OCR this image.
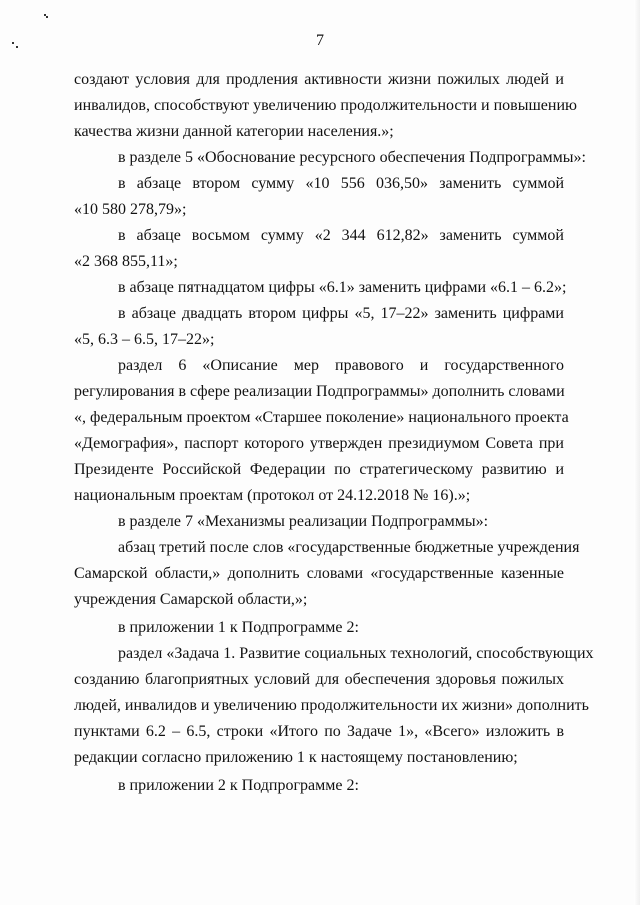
7
создают условия для продления активности жизни пожилых людей и
инвалидов, способствуют увеличению продолжительности и повышению
качества жизни данной категории населения.»;
в разделе 5 «Обоснование ресурсного обеспечения Подпрограммы»:
в абзаце втором сумму «10 556 036,50» заменить суммой
«10 580 278,79»;
в абзаце восьмом сумму «2 344 612,82» заменить суммой
«2 368 855,11»;
в абзаце пятнадцатом цифры «6.1» заменить цифрами «6.1 – 6.2»;
в абзаце двадцать втором цифры «5, 17–22» заменить цифрами
«5, 6.3 – 6.5, 17–22»;
раздел 6 «Описание мер правового и государственного
регулирования в сфере реализации Подпрограммы» дополнить словами
«, федеральным проектом «Старшее поколение» национального проекта
«Демография», паспорт которого утвержден президиумом Совета при
Президенте Российской Федерации по стратегическому развитию и
национальным проектам (протокол от 24.12.2018 № 16).»;
в разделе 7 «Механизмы реализации Подпрограммы»:
абзац третий после слов «государственные бюджетные учреждения
Самарской области,» дополнить словами «государственные казенные
учреждения Самарской области,»;
в приложении 1 к Подпрограмме 2:
раздел «Задача 1. Развитие социальных технологий, способствующих
созданию благоприятных условий для обеспечения здоровья пожилых
людей, инвалидов и увеличению продолжительности их жизни» дополнить
пунктами 6.2 – 6.5, строки «Итого по Задаче 1», «Всего» изложить в
редакции согласно приложению 1 к настоящему постановлению;
в приложении 2 к Подпрограмме 2:
